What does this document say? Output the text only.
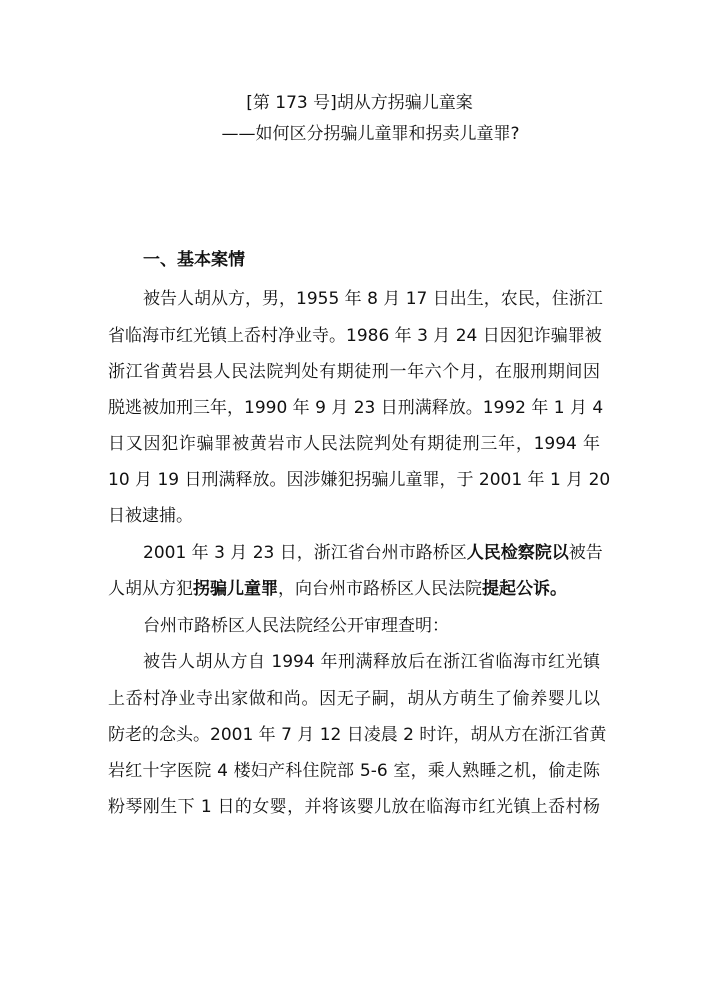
[第 173 号]胡从方拐骗儿童案
——如何区分拐骗儿童罪和拐卖儿童罪?
一、基本案情
被告人胡从方，男，1955 年 8 月 17 日出生，农民，住浙江
省临海市红光镇上岙村净业寺。1986 年 3 月 24 日因犯诈骗罪被
浙江省黄岩县人民法院判处有期徒刑一年六个月，在服刑期间因
脱逃被加刑三年，1990 年 9 月 23 日刑满释放。1992 年 1 月 4
日又因犯诈骗罪被黄岩市人民法院判处有期徒刑三年，1994 年
10 月 19 日刑满释放。因涉嫌犯拐骗儿童罪，于 2001 年 1 月 20
日被逮捕。
2001 年 3 月 23 日，浙江省台州市路桥区人民检察院以被告
人胡从方犯拐骗儿童罪，向台州市路桥区人民法院提起公诉。
台州市路桥区人民法院经公开审理查明：
被告人胡从方自 1994 年刑满释放后在浙江省临海市红光镇
上岙村净业寺出家做和尚。因无子嗣，胡从方萌生了偷养婴儿以
防老的念头。2001 年 7 月 12 日凌晨 2 时许，胡从方在浙江省黄
岩红十字医院 4 楼妇产科住院部 5-6 室，乘人熟睡之机，偷走陈
粉琴刚生下 1 日的女婴，并将该婴儿放在临海市红光镇上岙村杨
